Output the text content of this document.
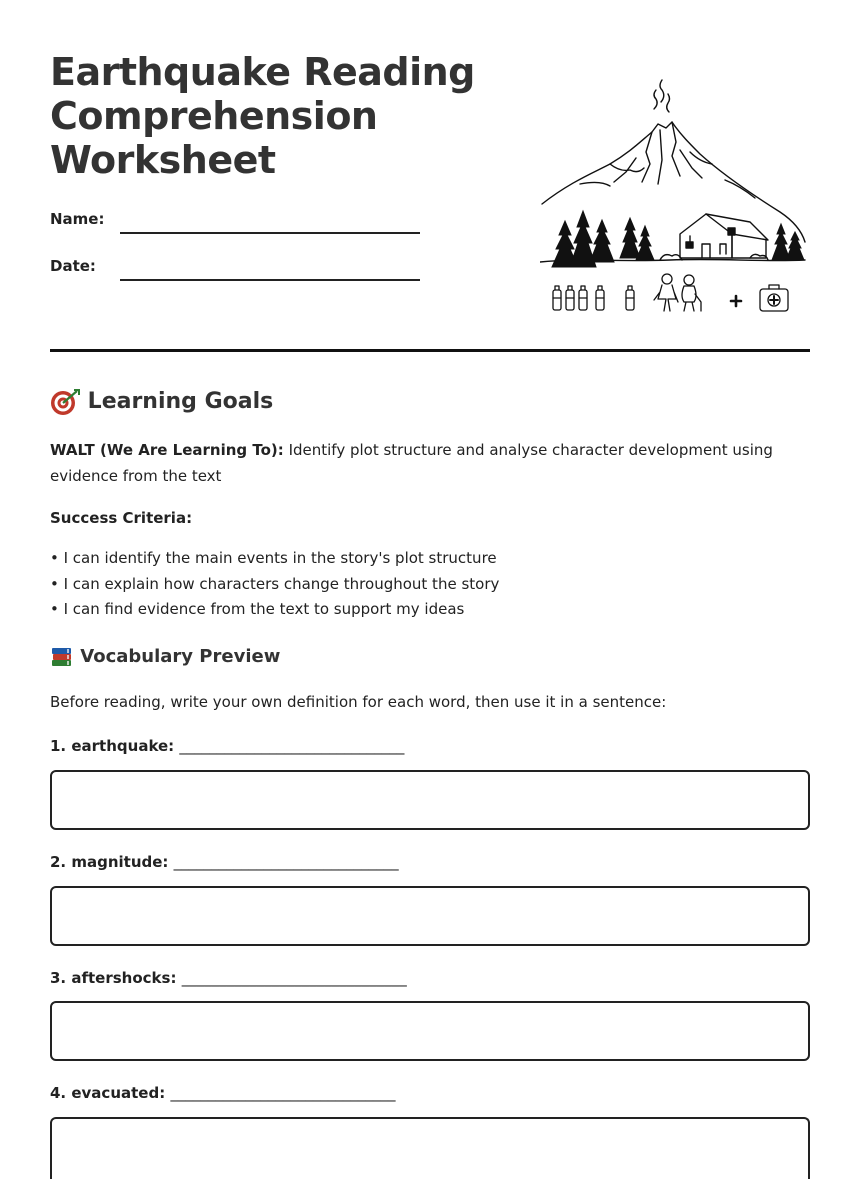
Earthquake Reading Comprehension Worksheet
Name:
Date:
Learning Goals

WALT (We Are Learning To): Identify plot structure and analyse character development using evidence from the text

Success Criteria:

• I can identify the main events in the story's plot structure
• I can explain how characters change throughout the story
• I can find evidence from the text to support my ideas
Vocabulary Preview

Before reading, write your own definition for each word, then use it in a sentence:

1. earthquake: ______________________________
2. magnitude: ______________________________
3. aftershocks: ______________________________
4. evacuated: ______________________________
